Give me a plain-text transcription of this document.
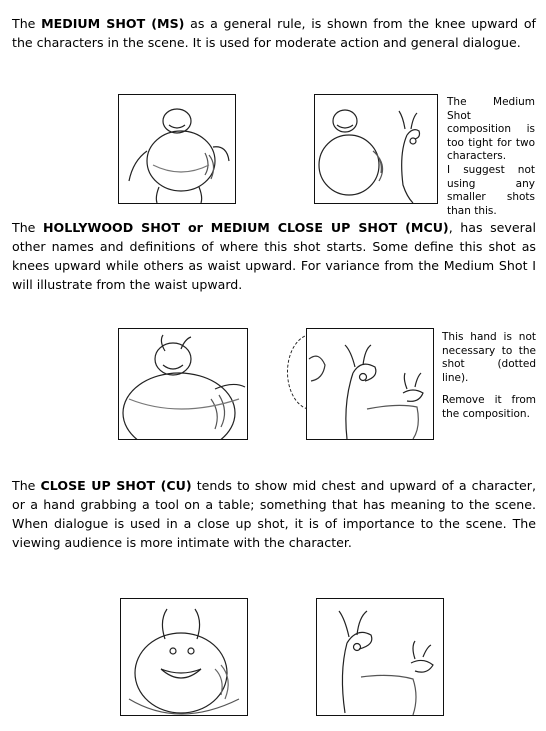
The MEDIUM SHOT (MS) as a general rule, is shown from the knee upward of the characters in the scene. It is used for moderate action and general dialogue.

The Medium Shot composition is too tight for two characters.

I suggest not using any smaller shots than this.

The HOLLYWOOD SHOT or MEDIUM CLOSE UP SHOT (MCU), has several other names and definitions of where this shot starts. Some define this shot as knees upward while others as waist upward. For variance from the Medium Shot I will illustrate from the waist upward.

This hand is not necessary to the shot (dotted line).

Remove it from the composition.

The CLOSE UP SHOT (CU) tends to show mid chest and upward of a character, or a hand grabbing a tool on a table; something that has meaning to the scene. When dialogue is used in a close up shot, it is of importance to the scene. The viewing audience is more intimate with the character.
